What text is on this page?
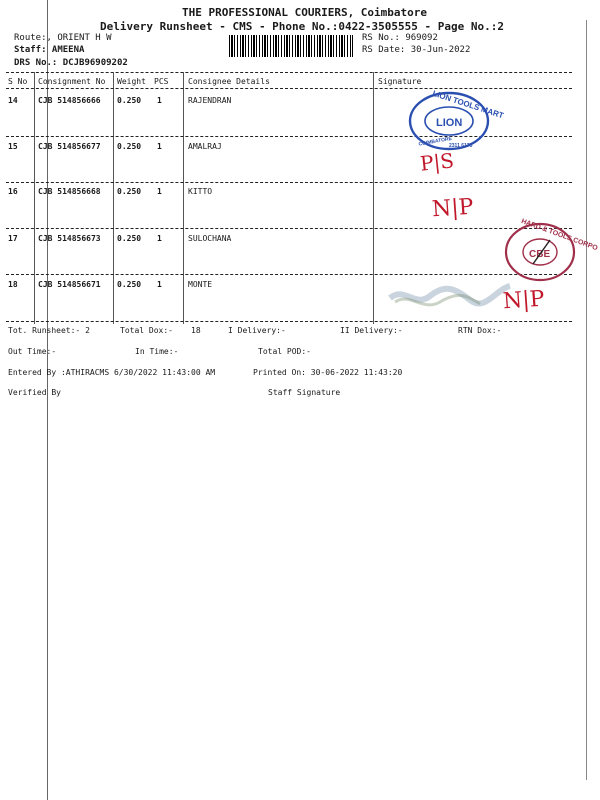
THE PROFESSIONAL COURIERS, Coimbatore
Delivery Runsheet - CMS - Phone No.:0422-3505555 - Page No.:2
Route:, ORIENT H W
Staff: AMEENA
DRS No.: DCJB96909202
RS No.: 969092
RS Date: 30-Jun-2022
S No Consignment No Weight PCS Consignee Details	Signature
14	CJB 514856666 0.250 1	RAJENDRAN
15	CJB 514856677 0.250 1	AMALRAJ
16	CJB 514856668 0.250 1	KITTO
17	CJB 514856673 0.250 1	SULOCHANA
18	CJB 514856671 0.250 1	MONTE
LION TOOLS MART
LION
COIMBATORE
2311 6175
P|S
N|P
HARD & TOOLS CORPO
CBE
N|P
Tot. Runsheet:- 2	Total Dox:- 18	I Delivery:-	II Delivery:-	RTN Dox:-
Out Time:-	In Time:-	Total POD:-
Entered By :ATHIRACMS 6/30/2022 11:43:00 AM	Printed On: 30-06-2022 11:43:20
Verified By	Staff Signature
